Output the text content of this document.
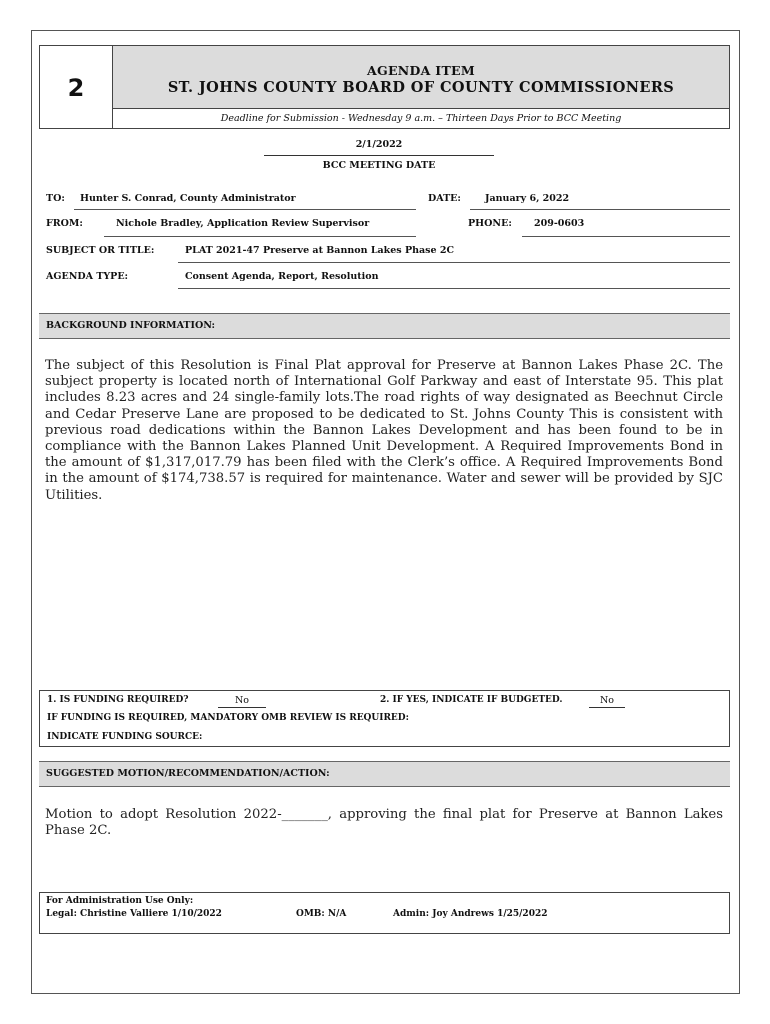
2
AGENDA ITEM
ST. JOHNS COUNTY BOARD OF COUNTY COMMISSIONERS
Deadline for Submission - Wednesday 9 a.m. – Thirteen Days Prior to BCC Meeting
2/1/2022
BCC MEETING DATE
TO: Hunter S. Conrad, County Administrator	DATE:	January 6, 2022
FROM:	Nichole Bradley, Application Review Supervisor	PHONE: 209-0603
SUBJECT OR TITLE:	PLAT 2021-47 Preserve at Bannon Lakes Phase 2C
AGENDA TYPE:	Consent Agenda, Report, Resolution
BACKGROUND INFORMATION:
The subject of this Resolution is Final Plat approval for Preserve at Bannon Lakes Phase 2C. The subject property is located north of International Golf Parkway and east of Interstate 95. This plat includes 8.23 acres and 24 single-family lots.The road rights of way designated as Beechnut Circle and Cedar Preserve Lane are proposed to be dedicated to St. Johns County This is consistent with previous road dedications within the Bannon Lakes Development and has been found to be in compliance with the Bannon Lakes Planned Unit Development. A Required Improvements Bond in the amount of $1,317,017.79 has been filed with the Clerk’s office. A Required Improvements Bond in the amount of $174,738.57 is required for maintenance. Water and sewer will be provided by SJC Utilities.
1. IS FUNDING REQUIRED?	No	2. IF YES, INDICATE IF BUDGETED.	No
IF FUNDING IS REQUIRED, MANDATORY OMB REVIEW IS REQUIRED:
INDICATE FUNDING SOURCE:
SUGGESTED MOTION/RECOMMENDATION/ACTION:
Motion to adopt Resolution 2022-_______, approving the final plat for Preserve at Bannon Lakes Phase 2C.
For Administration Use Only:
Legal: Christine Valliere 1/10/2022	OMB: N/A	Admin: Joy Andrews 1/25/2022
